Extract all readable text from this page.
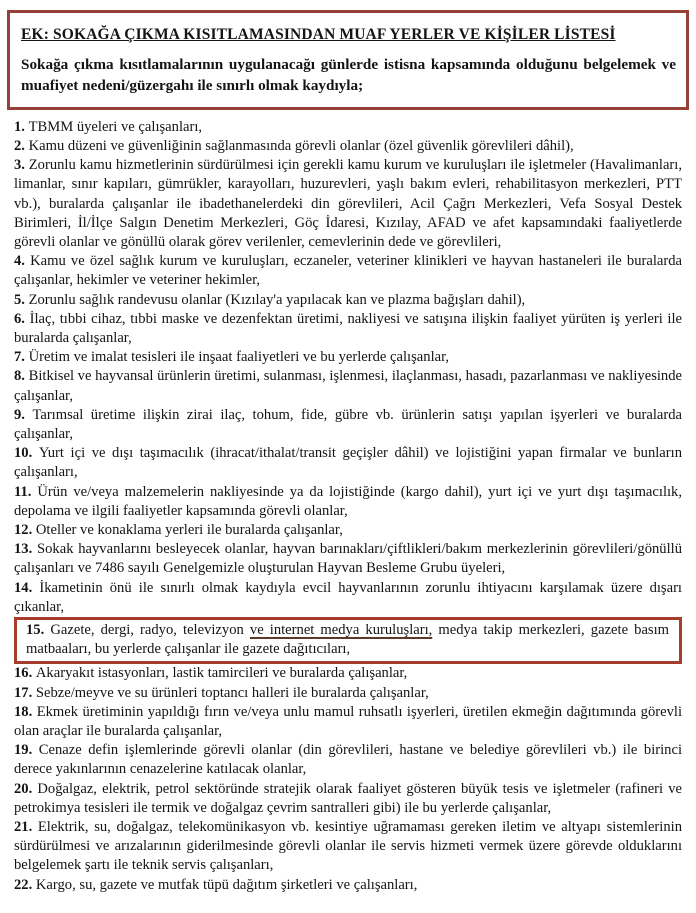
EK: SOKAĞA ÇIKMA KISITLAMASINDAN MUAF YERLER VE KİŞİLER LİSTESİ

Sokağa çıkma kısıtlamalarının uygulanacağı günlerde istisna kapsamında olduğunu belgelemek ve muafiyet nedeni/güzergahı ile sınırlı olmak kaydıyla;

1. TBMM üyeleri ve çalışanları,

2. Kamu düzeni ve güvenliğinin sağlanmasında görevli olanlar (özel güvenlik görevlileri dâhil),

3. Zorunlu kamu hizmetlerinin sürdürülmesi için gerekli kamu kurum ve kuruluşları ile işletmeler (Havalimanları, limanlar, sınır kapıları, gümrükler, karayolları, huzurevleri, yaşlı bakım evleri, rehabilitasyon merkezleri, PTT vb.), buralarda çalışanlar ile ibadethanelerdeki din görevlileri, Acil Çağrı Merkezleri, Vefa Sosyal Destek Birimleri, İl/İlçe Salgın Denetim Merkezleri, Göç İdaresi, Kızılay, AFAD ve afet kapsamındaki faaliyetlerde görevli olanlar ve gönüllü olarak görev verilenler, cemevlerinin dede ve görevlileri,

4. Kamu ve özel sağlık kurum ve kuruluşları, eczaneler, veteriner klinikleri ve hayvan hastaneleri ile buralarda çalışanlar, hekimler ve veteriner hekimler,

5. Zorunlu sağlık randevusu olanlar (Kızılay'a yapılacak kan ve plazma bağışları dahil),

6. İlaç, tıbbi cihaz, tıbbi maske ve dezenfektan üretimi, nakliyesi ve satışına ilişkin faaliyet yürüten iş yerleri ile buralarda çalışanlar,

7. Üretim ve imalat tesisleri ile inşaat faaliyetleri ve bu yerlerde çalışanlar,

8. Bitkisel ve hayvansal ürünlerin üretimi, sulanması, işlenmesi, ilaçlanması, hasadı, pazarlanması ve nakliyesinde çalışanlar,

9. Tarımsal üretime ilişkin zirai ilaç, tohum, fide, gübre vb. ürünlerin satışı yapılan işyerleri ve buralarda çalışanlar,

10. Yurt içi ve dışı taşımacılık (ihracat/ithalat/transit geçişler dâhil) ve lojistiğini yapan firmalar ve bunların çalışanları,

11. Ürün ve/veya malzemelerin nakliyesinde ya da lojistiğinde (kargo dahil), yurt içi ve yurt dışı taşımacılık, depolama ve ilgili faaliyetler kapsamında görevli olanlar,

12. Oteller ve konaklama yerleri ile buralarda çalışanlar,

13. Sokak hayvanlarını besleyecek olanlar, hayvan barınakları/çiftlikleri/bakım merkezlerinin görevlileri/gönüllü çalışanları ve 7486 sayılı Genelgemizle oluşturulan Hayvan Besleme Grubu üyeleri,

14. İkametinin önü ile sınırlı olmak kaydıyla evcil hayvanlarının zorunlu ihtiyacını karşılamak üzere dışarı çıkanlar,

15. Gazete, dergi, radyo, televizyon ve internet medya kuruluşları, medya takip merkezleri, gazete basım matbaaları, bu yerlerde çalışanlar ile gazete dağıtıcıları,

16. Akaryakıt istasyonları, lastik tamircileri ve buralarda çalışanlar,

17. Sebze/meyve ve su ürünleri toptancı halleri ile buralarda çalışanlar,

18. Ekmek üretiminin yapıldığı fırın ve/veya unlu mamul ruhsatlı işyerleri, üretilen ekmeğin dağıtımında görevli olan araçlar ile buralarda çalışanlar,

19. Cenaze defin işlemlerinde görevli olanlar (din görevlileri, hastane ve belediye görevlileri vb.) ile birinci derece yakınlarının cenazelerine katılacak olanlar,

20. Doğalgaz, elektrik, petrol sektöründe stratejik olarak faaliyet gösteren büyük tesis ve işletmeler (rafineri ve petrokimya tesisleri ile termik ve doğalgaz çevrim santralleri gibi) ile bu yerlerde çalışanlar,

21. Elektrik, su, doğalgaz, telekomünikasyon vb. kesintiye uğramaması gereken iletim ve altyapı sistemlerinin sürdürülmesi ve arızalarının giderilmesinde görevli olanlar ile servis hizmeti vermek üzere görevde olduklarını belgelemek şartı ile teknik servis çalışanları,

22. Kargo, su, gazete ve mutfak tüpü dağıtım şirketleri ve çalışanları,
